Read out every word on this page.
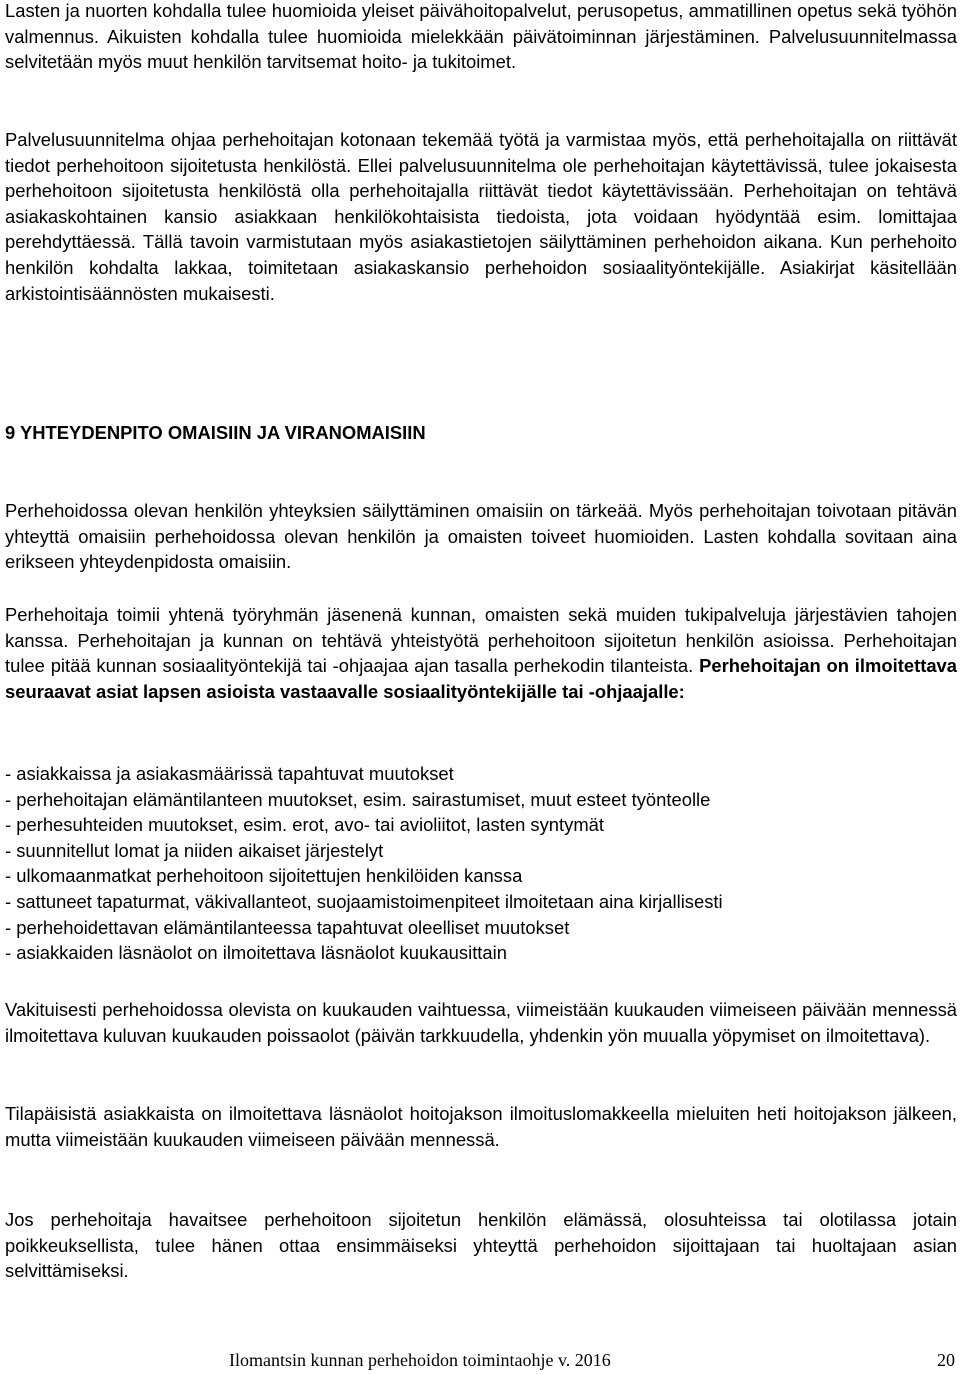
Lasten ja nuorten kohdalla tulee huomioida yleiset päivähoitopalvelut, perusopetus, ammatillinen opetus sekä työhön valmennus. Aikuisten kohdalla tulee huomioida mielekkään päivätoiminnan järjestäminen. Palvelusuunnitelmassa selvitetään myös muut henkilön tarvitsemat hoito- ja tukitoimet.

Palvelusuunnitelma ohjaa perhehoitajan kotonaan tekemää työtä ja varmistaa myös, että perhehoitajalla on riittävät tiedot perhehoitoon sijoitetusta henkilöstä. Ellei palvelusuunnitelma ole perhehoitajan käytettävissä, tulee jokaisesta perhehoitoon sijoitetusta henkilöstä olla perhehoitajalla riittävät tiedot käytettävissään. Perhehoitajan on tehtävä asiakaskohtainen kansio asiakkaan henkilökohtaisista tiedoista, jota voidaan hyödyntää esim. lomittajaa perehdyttäessä. Tällä tavoin varmistutaan myös asiakastietojen säilyttäminen perhehoidon aikana. Kun perhehoito henkilön kohdalta lakkaa, toimitetaan asiakaskansio perhehoidon sosiaalityöntekijälle. Asiakirjat käsitellään arkistointisäännösten mukaisesti.

9 YHTEYDENPITO OMAISIIN JA VIRANOMAISIIN

Perhehoidossa olevan henkilön yhteyksien säilyttäminen omaisiin on tärkeää. Myös perhehoitajan toivotaan pitävän yhteyttä omaisiin perhehoidossa olevan henkilön ja omaisten toiveet huomioiden. Lasten kohdalla sovitaan aina erikseen yhteydenpidosta omaisiin.

Perhehoitaja toimii yhtenä työryhmän jäsenenä kunnan, omaisten sekä muiden tukipalveluja järjestävien tahojen kanssa. Perhehoitajan ja kunnan on tehtävä yhteistyötä perhehoitoon sijoitetun henkilön asioissa. Perhehoitajan tulee pitää kunnan sosiaalityöntekijä tai -ohjaajaa ajan tasalla perhekodin tilanteista. Perhehoitajan on ilmoitettava seuraavat asiat lapsen asioista vastaavalle sosiaalityöntekijälle tai -ohjaajalle:

- asiakkaissa ja asiakasmäärissä tapahtuvat muutokset
- perhehoitajan elämäntilanteen muutokset, esim. sairastumiset, muut esteet työnteolle
- perhesuhteiden muutokset, esim. erot, avo- tai avioliitot, lasten syntymät
- suunnitellut lomat ja niiden aikaiset järjestelyt
- ulkomaanmatkat perhehoitoon sijoitettujen henkilöiden kanssa
- sattuneet tapaturmat, väkivallanteot, suojaamistoimenpiteet ilmoitetaan aina kirjallisesti
- perhehoidettavan elämäntilanteessa tapahtuvat oleelliset muutokset
- asiakkaiden läsnäolot on ilmoitettava läsnäolot kuukausittain

Vakituisesti perhehoidossa olevista on kuukauden vaihtuessa, viimeistään kuukauden viimeiseen päivään mennessä ilmoitettava kuluvan kuukauden poissaolot (päivän tarkkuudella, yhdenkin yön muualla yöpymiset on ilmoitettava).

Tilapäisistä asiakkaista on ilmoitettava läsnäolot hoitojakson ilmoituslomakkeella mieluiten heti hoitojakson jälkeen, mutta viimeistään kuukauden viimeiseen päivään mennessä.

Jos perhehoitaja havaitsee perhehoitoon sijoitetun henkilön elämässä, olosuhteissa tai olotilassa jotain poikkeuksellista, tulee hänen ottaa ensimmäiseksi yhteyttä perhehoidon sijoittajaan tai huoltajaan asian selvittämiseksi.

Ilomantsin kunnan perhehoidon toimintaohje v. 2016	20
